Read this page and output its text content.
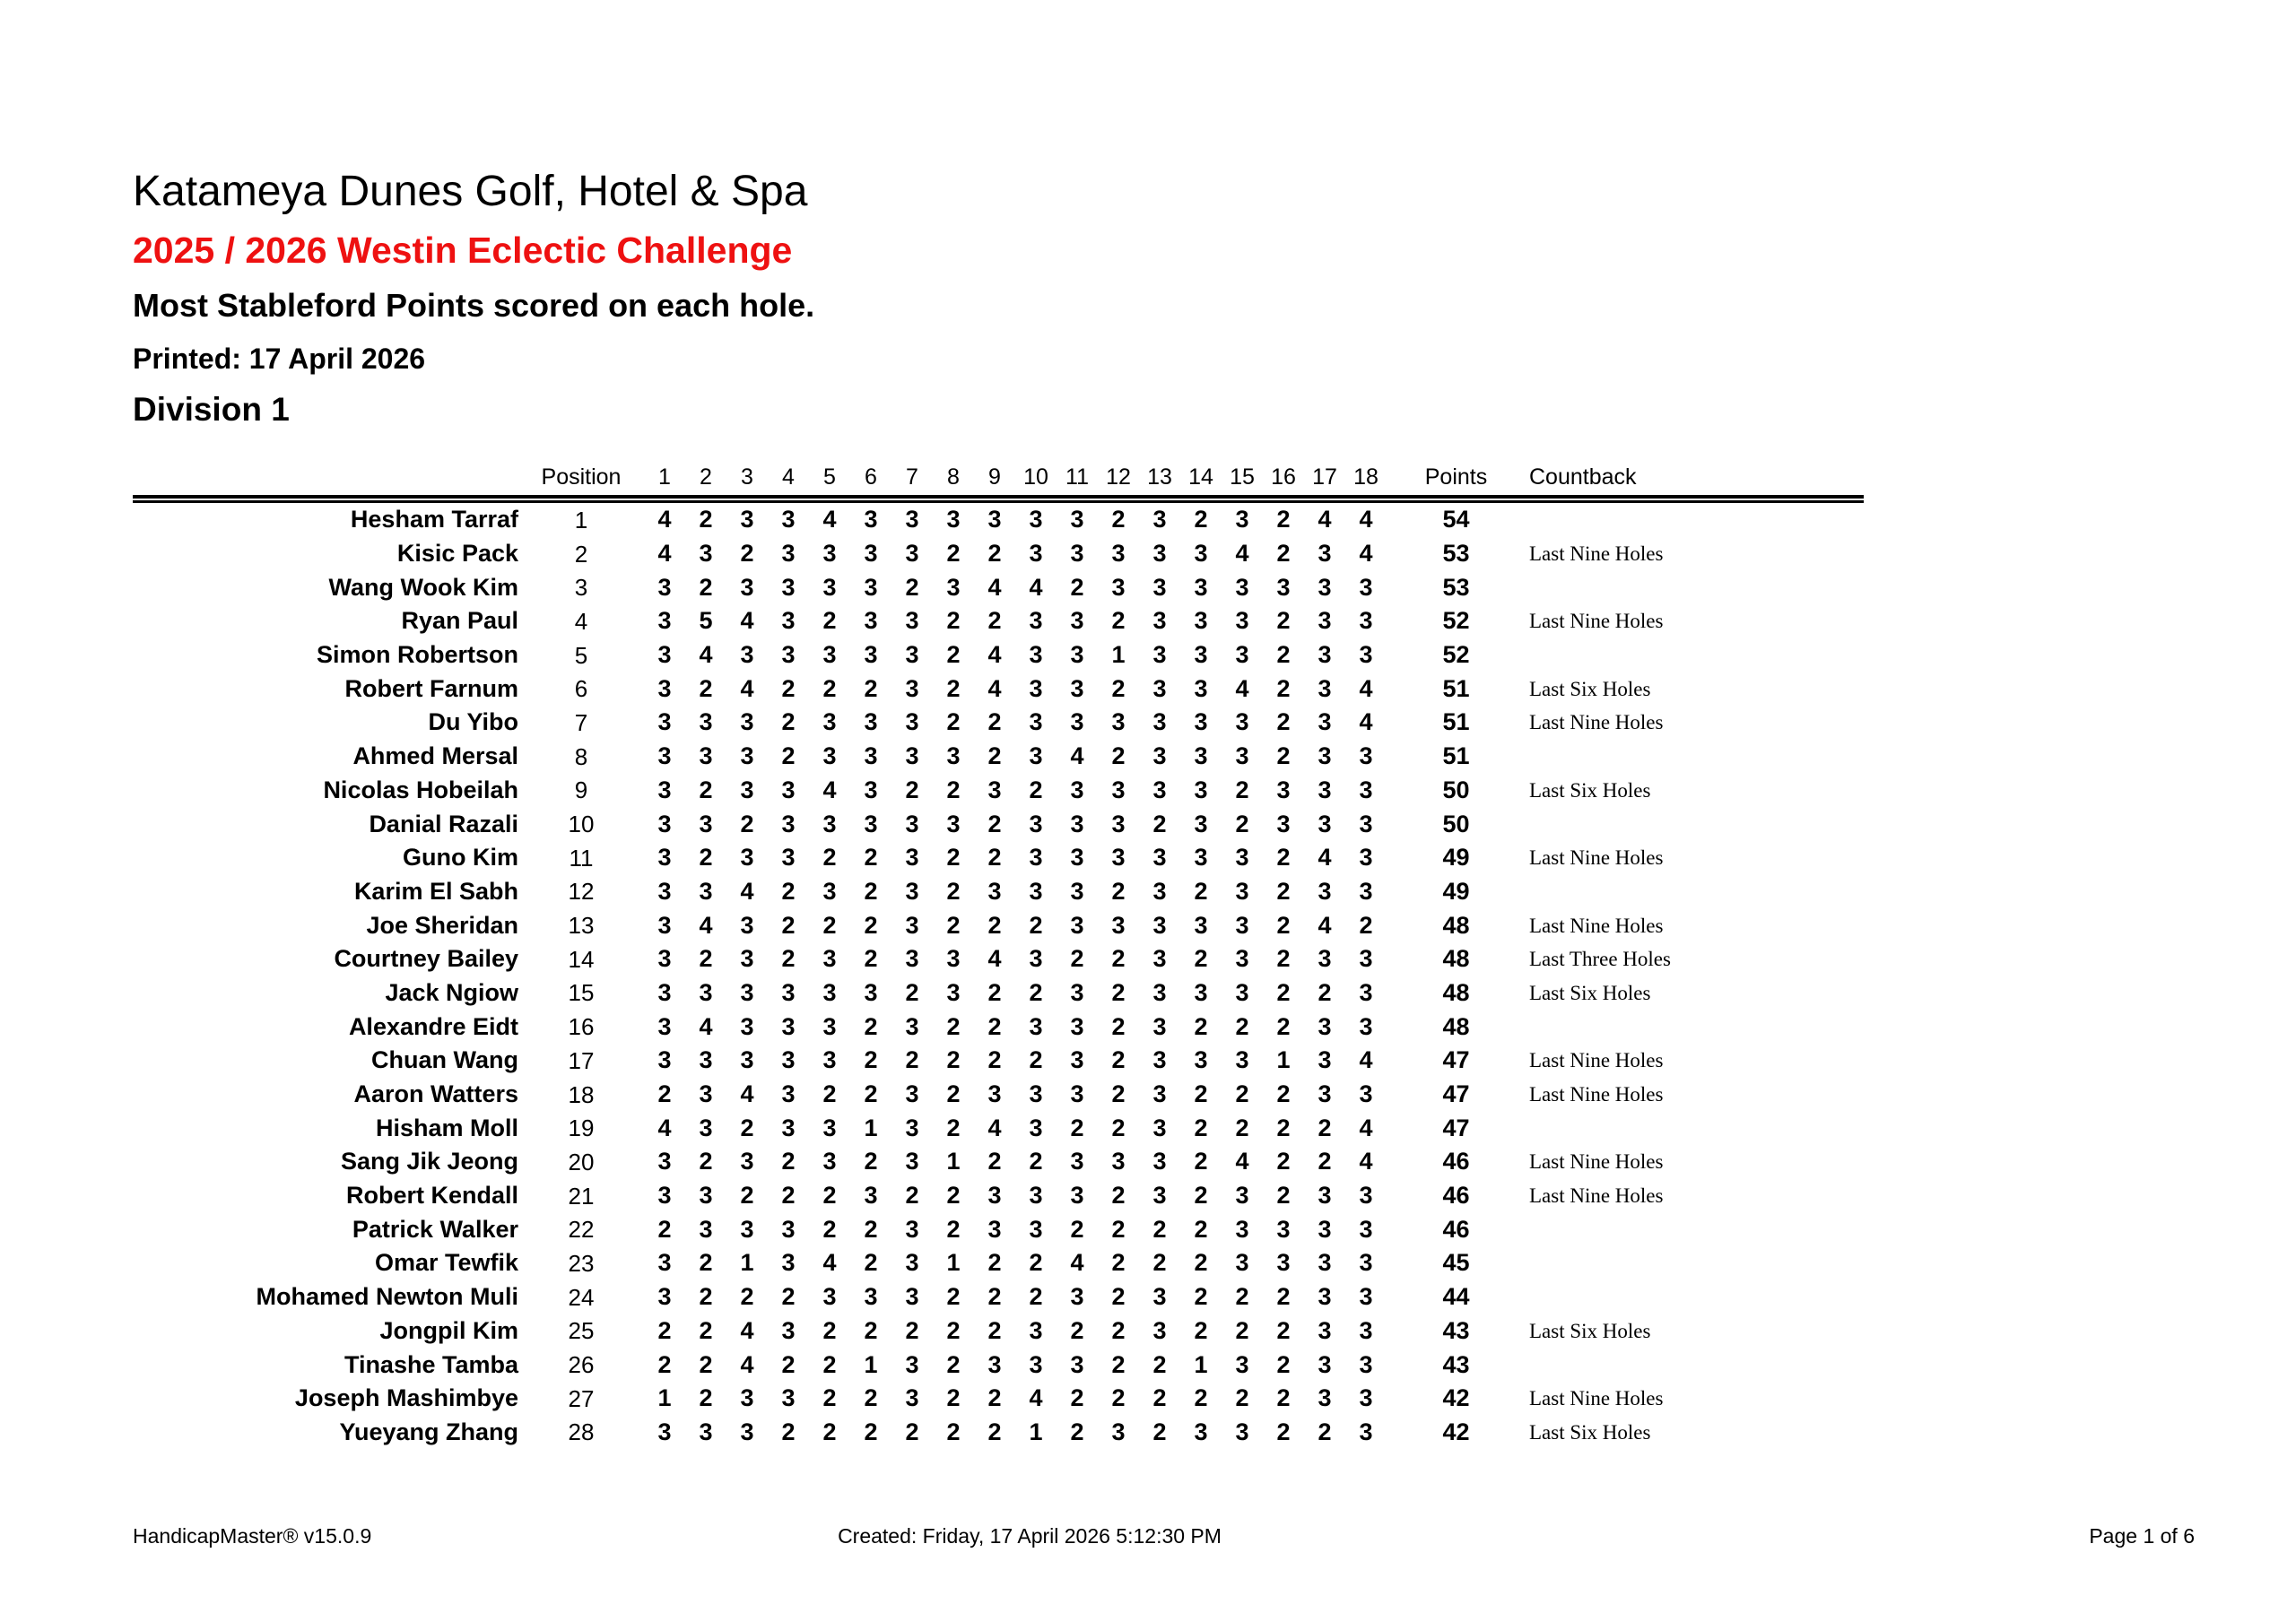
Katameya Dunes Golf, Hotel & Spa
2025 / 2026 Westin Eclectic Challenge
Most Stableford Points scored on each hole.
Printed: 17 April 2026
Division 1
Position	1	2	3	4	5	6	7	8	9	10 11 12 13 14 15 16 17 18	Points	Countback
Hesham Tarraf	1	4	2	3	3	4	3	3	3	3	3	3	2	3	2	3	2	4	4	54
Kisic Pack	2	4	3	2	3	3	3	3	2	2	3	3	3	3	3	4	2	3	4	53	Last Nine Holes
Wang Wook Kim	3	3	2	3	3	3	3	2	3	4	4	2	3	3	3	3	3	3	3	53
Ryan Paul	4	3	5	4	3	2	3	3	2	2	3	3	2	3	3	3	2	3	3	52	Last Nine Holes
Simon Robertson	5	3	4	3	3	3	3	3	2	4	3	3	1	3	3	3	2	3	3	52
Robert Farnum	6	3	2	4	2	2	2	3	2	4	3	3	2	3	3	4	2	3	4	51	Last Six Holes
Du Yibo	7	3	3	3	2	3	3	3	2	2	3	3	3	3	3	3	2	3	4	51	Last Nine Holes
Ahmed Mersal	8	3	3	3	2	3	3	3	3	2	3	4	2	3	3	3	2	3	3	51
Nicolas Hobeilah	9	3	2	3	3	4	3	2	2	3	2	3	3	3	3	2	3	3	3	50	Last Six Holes
Danial Razali	10	3	3	2	3	3	3	3	3	2	3	3	3	2	3	2	3	3	3	50
Guno Kim	11	3	2	3	3	2	2	3	2	2	3	3	3	3	3	3	2	4	3	49	Last Nine Holes
Karim El Sabh	12	3	3	4	2	3	2	3	2	3	3	3	2	3	2	3	2	3	3	49
Joe Sheridan	13	3	4	3	2	2	2	3	2	2	2	3	3	3	3	3	2	4	2	48	Last Nine Holes
Courtney Bailey	14	3	2	3	2	3	2	3	3	4	3	2	2	3	2	3	2	3	3	48	Last Three Holes
Jack Ngiow	15	3	3	3	3	3	3	2	3	2	2	3	2	3	3	3	2	2	3	48	Last Six Holes
Alexandre Eidt	16	3	4	3	3	3	2	3	2	2	3	3	2	3	2	2	2	3	3	48
Chuan Wang	17	3	3	3	3	3	2	2	2	2	2	3	2	3	3	3	1	3	4	47	Last Nine Holes
Aaron Watters	18	2	3	4	3	2	2	3	2	3	3	3	2	3	2	2	2	3	3	47	Last Nine Holes
Hisham Moll	19	4	3	2	3	3	1	3	2	4	3	2	2	3	2	2	2	2	4	47
Sang Jik Jeong	20	3	2	3	2	3	2	3	1	2	2	3	3	3	2	4	2	2	4	46	Last Nine Holes
Robert Kendall	21	3	3	2	2	2	3	2	2	3	3	3	2	3	2	3	2	3	3	46	Last Nine Holes
Patrick Walker	22	2	3	3	3	2	2	3	2	3	3	2	2	2	2	3	3	3	3	46
Omar Tewfik	23	3	2	1	3	4	2	3	1	2	2	4	2	2	2	3	3	3	3	45
Mohamed Newton Muli	24	3	2	2	2	3	3	3	2	2	2	3	2	3	2	2	2	3	3	44
Jongpil Kim	25	2	2	4	3	2	2	2	2	2	3	2	2	3	2	2	2	3	3	43	Last Six Holes
Tinashe Tamba	26	2	2	4	2	2	1	3	2	3	3	3	2	2	1	3	2	3	3	43
Joseph Mashimbye	27	1	2	3	3	2	2	3	2	2	4	2	2	2	2	2	2	3	3	42	Last Nine Holes
Yueyang Zhang	28	3	3	3	2	2	2	2	2	2	1	2	3	2	3	3	2	2	3	42	Last Six Holes
HandicapMaster® v15.0.9	Created: Friday, 17 April 2026 5:12:30 PM	Page 1 of 6
